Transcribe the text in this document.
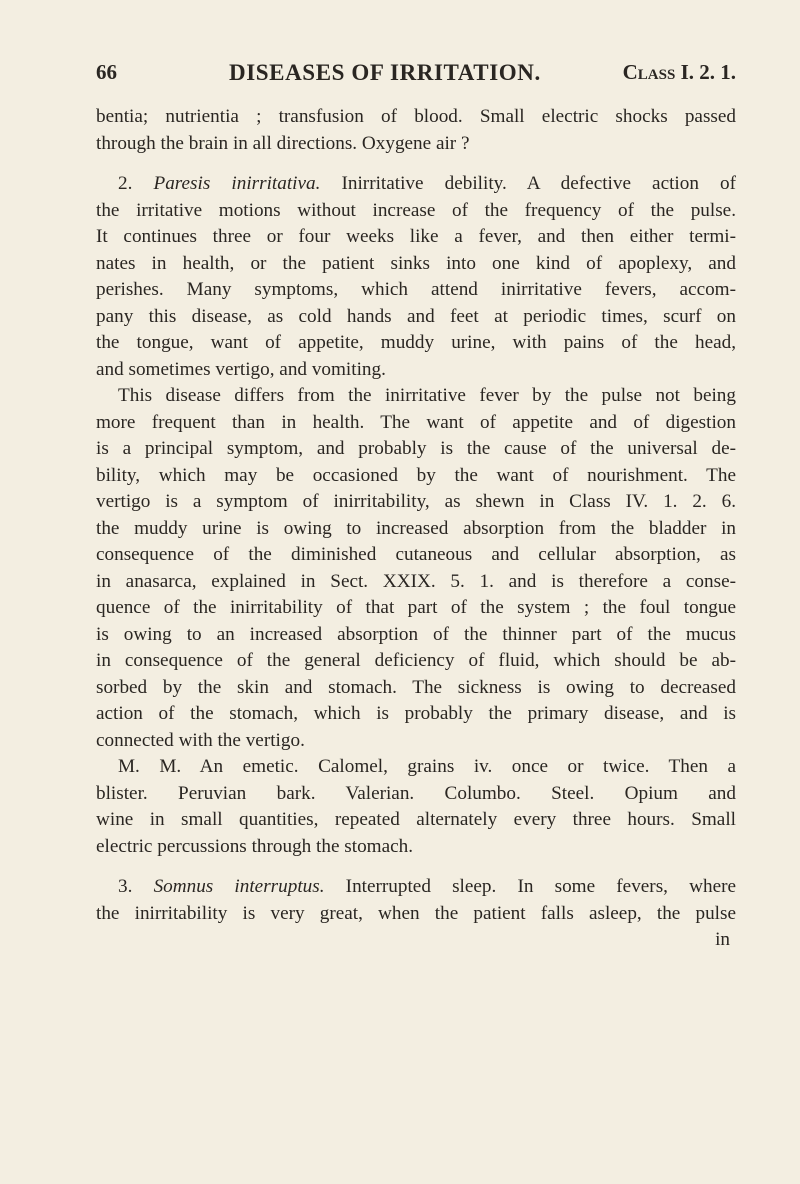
66	DISEASES OF IRRITATION.	Class I. 2. 1.
bentia; nutrientia ; transfusion of blood. Small electric shocks passed
through the brain in all directions. Oxygene air ?
2. Paresis inirritativa. Inirritative debility. A defective action of
the irritative motions without increase of the frequency of the pulse.
It continues three or four weeks like a fever, and then either termi-
nates in health, or the patient sinks into one kind of apoplexy, and
perishes. Many symptoms, which attend inirritative fevers, accom-
pany this disease, as cold hands and feet at periodic times, scurf on
the tongue, want of appetite, muddy urine, with pains of the head,
and sometimes vertigo, and vomiting.
This disease differs from the inirritative fever by the pulse not being
more frequent than in health. The want of appetite and of digestion
is a principal symptom, and probably is the cause of the universal de-
bility, which may be occasioned by the want of nourishment. The
vertigo is a symptom of inirritability, as shewn in Class IV. 1. 2. 6.
the muddy urine is owing to increased absorption from the bladder in
consequence of the diminished cutaneous and cellular absorption, as
in anasarca, explained in Sect. XXIX. 5. 1. and is therefore a conse-
quence of the inirritability of that part of the system ; the foul tongue
is owing to an increased absorption of the thinner part of the mucus
in consequence of the general deficiency of fluid, which should be ab-
sorbed by the skin and stomach. The sickness is owing to decreased
action of the stomach, which is probably the primary disease, and is
connected with the vertigo.
M. M. An emetic. Calomel, grains iv. once or twice. Then a
blister. Peruvian bark. Valerian. Columbo. Steel. Opium and
wine in small quantities, repeated alternately every three hours. Small
electric percussions through the stomach.
3. Somnus interruptus. Interrupted sleep. In some fevers, where
the inirritability is very great, when the patient falls asleep, the pulse
in
